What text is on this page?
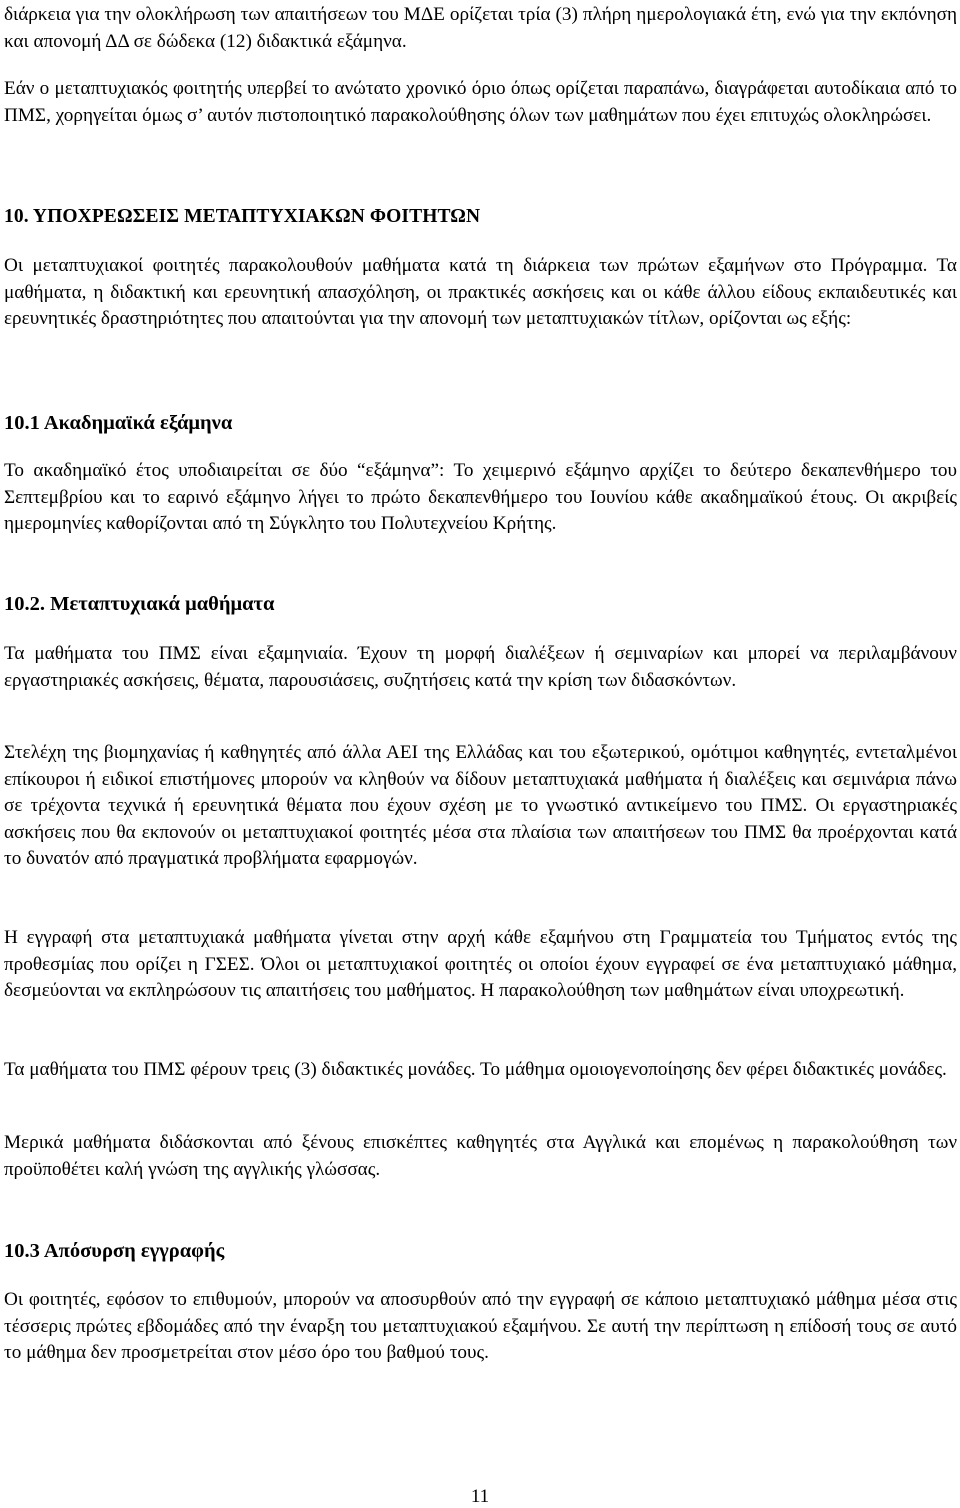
διάρκεια για την ολοκλήρωση των απαιτήσεων του ΜΔΕ ορίζεται τρία (3) πλήρη ημερολογιακά έτη, ενώ για την εκπόνηση και απονομή ΔΔ σε δώδεκα (12) διδακτικά εξάμηνα.

Εάν ο μεταπτυχιακός φοιτητής υπερβεί το ανώτατο χρονικό όριο όπως ορίζεται παραπάνω, διαγράφεται αυτοδίκαια από το ΠΜΣ, χορηγείται όμως σ’ αυτόν πιστοποιητικό παρακολούθησης όλων των μαθημάτων που έχει επιτυχώς ολοκληρώσει.

10. ΥΠΟΧΡΕΩΣΕΙΣ ΜΕΤΑΠΤΥΧΙΑΚΩΝ ΦΟΙΤΗΤΩΝ

Οι μεταπτυχιακοί φοιτητές παρακολουθούν μαθήματα κατά τη διάρκεια των πρώτων εξαμήνων στο Πρόγραμμα. Τα μαθήματα, η διδακτική και ερευνητική απασχόληση, οι πρακτικές ασκήσεις και οι κάθε άλλου είδους εκπαιδευτικές και ερευνητικές δραστηριότητες που απαιτούνται για την απονομή των μεταπτυχιακών τίτλων, ορίζονται ως εξής:

10.1 Ακαδημαϊκά εξάμηνα

Το ακαδημαϊκό έτος υποδιαιρείται σε δύο “εξάμηνα”: Το χειμερινό εξάμηνο αρχίζει το δεύτερο δεκαπενθήμερο του Σεπτεμβρίου και το εαρινό εξάμηνο λήγει το πρώτο δεκαπενθήμερο του Ιουνίου κάθε ακαδημαϊκού έτους. Οι ακριβείς ημερομηνίες καθορίζονται από τη Σύγκλητο του Πολυτεχνείου Κρήτης.

10.2. Μεταπτυχιακά μαθήματα

Τα μαθήματα του ΠΜΣ είναι εξαμηνιαία. Έχουν τη μορφή διαλέξεων ή σεμιναρίων και μπορεί να περιλαμβάνουν εργαστηριακές ασκήσεις, θέματα, παρουσιάσεις, συζητήσεις κατά την κρίση των διδασκόντων.

Στελέχη της βιομηχανίας ή καθηγητές από άλλα ΑΕΙ της Ελλάδας και του εξωτερικού, ομότιμοι καθηγητές, εντεταλμένοι επίκουροι ή ειδικοί επιστήμονες μπορούν να κληθούν να δίδουν μεταπτυχιακά μαθήματα ή διαλέξεις και σεμινάρια πάνω σε τρέχοντα τεχνικά ή ερευνητικά θέματα που έχουν σχέση με το γνωστικό αντικείμενο του ΠΜΣ. Οι εργαστηριακές ασκήσεις που θα εκπονούν οι μεταπτυχιακοί φοιτητές μέσα στα πλαίσια των απαιτήσεων του ΠΜΣ θα προέρχονται κατά το δυνατόν από πραγματικά προβλήματα εφαρμογών.

Η εγγραφή στα μεταπτυχιακά μαθήματα γίνεται στην αρχή κάθε εξαμήνου στη Γραμματεία του Τμήματος εντός της προθεσμίας που ορίζει η ΓΣΕΣ. Όλοι οι μεταπτυχιακοί φοιτητές οι οποίοι έχουν εγγραφεί σε ένα μεταπτυχιακό μάθημα, δεσμεύονται να εκπληρώσουν τις απαιτήσεις του μαθήματος. Η παρακολούθηση των μαθημάτων είναι υποχρεωτική.

Τα μαθήματα του ΠΜΣ φέρουν τρεις (3) διδακτικές μονάδες. Το μάθημα ομοιογενοποίησης δεν φέρει διδακτικές μονάδες.

Μερικά μαθήματα διδάσκονται από ξένους επισκέπτες καθηγητές στα Αγγλικά και επομένως η παρακολούθηση των προϋποθέτει καλή γνώση της αγγλικής γλώσσας.

10.3 Απόσυρση εγγραφής

Οι φοιτητές, εφόσον το επιθυμούν, μπορούν να αποσυρθούν από την εγγραφή σε κάποιο μεταπτυχιακό μάθημα μέσα στις τέσσερις πρώτες εβδομάδες από την έναρξη του μεταπτυχιακού εξαμήνου. Σε αυτή την περίπτωση η επίδοσή τους σε αυτό το μάθημα δεν προσμετρείται στον μέσο όρο του βαθμού τους.

11
